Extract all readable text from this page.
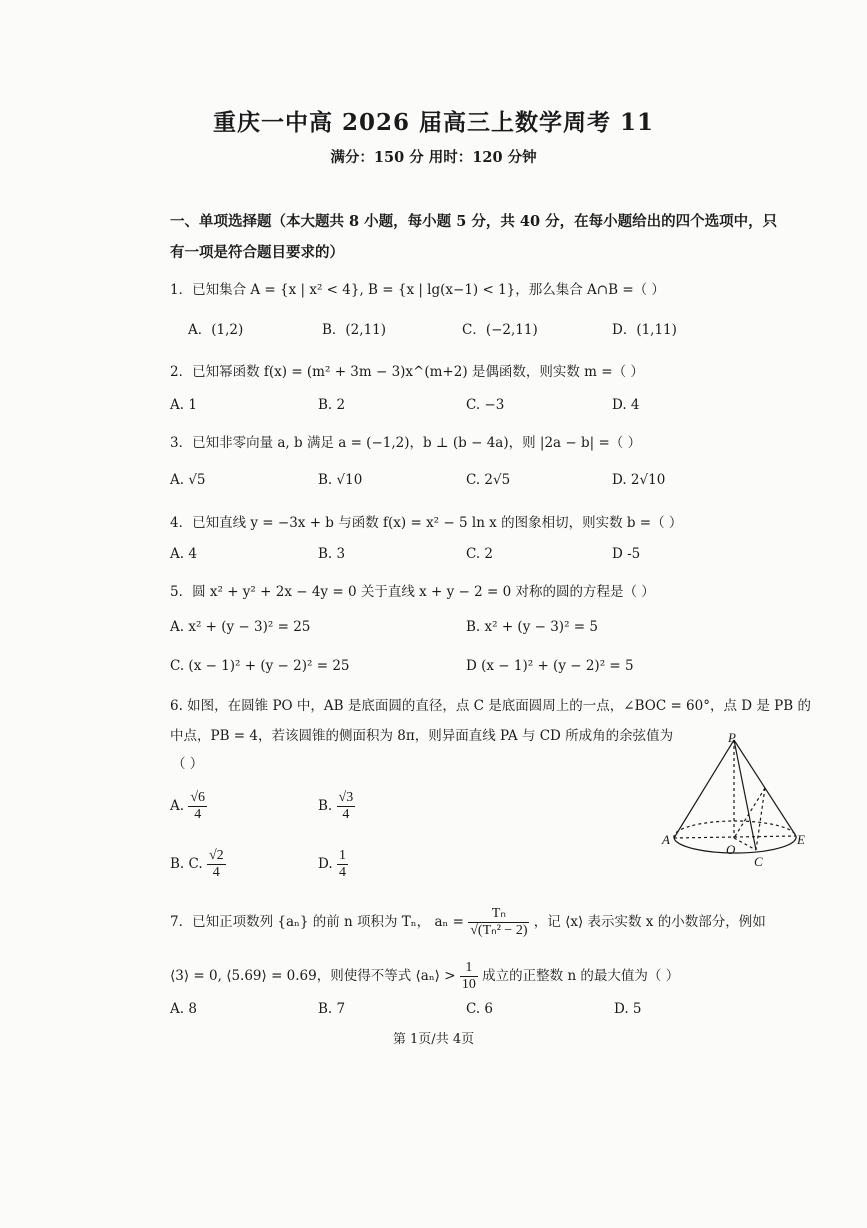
重庆一中高 2026 届高三上数学周考 11
满分：150 分 用时：120 分钟
一、单项选择题（本大题共 8 小题，每小题 5 分，共 40 分，在每小题给出的四个选项中，只
有一项是符合题目要求的）
1．已知集合 A = {x | x² < 4}, B = {x | lg(x−1) < 1}，那么集合 A∩B =（ ）
A．(1,2)	B．(2,11)	C．(−2,11)	D．(1,11)
2．已知幂函数 f(x) = (m² + 3m − 3)x^(m+2) 是偶函数，则实数 m =（ ）
A. 1	B. 2	C. −3	D. 4
3．已知非零向量 a, b 满足 a = (−1,2)，b ⊥ (b − 4a)，则 |2a − b| =（ ）
A. √5	B. √10	C. 2√5	D. 2√10
4．已知直线 y = −3x + b 与函数 f(x) = x² − 5 ln x 的图象相切，则实数 b =（ ）
A. 4	B. 3	C. 2	D -5
5．圆 x² + y² + 2x − 4y = 0 关于直线 x + y − 2 = 0 对称的圆的方程是（ ）
A. x² + (y − 3)² = 25	B. x² + (y − 3)² = 5
C. (x − 1)² + (y − 2)² = 25	D (x − 1)² + (y − 2)² = 5
6. 如图，在圆锥 PO 中，AB 是底面圆的直径，点 C 是底面圆周上的一点，∠BOC = 60°，点 D 是 PB 的
中点，PB = 4，若该圆锥的侧面积为 8π，则异面直线 PA 与 CD 所成角的余弦值为
（ ）
A. $\frac{√6}{4}$	B. $\frac{√3}{4}$
B. C. $\frac{√2}{4}$	D. $\frac{1}{4}$
P
A	E
O
C
7．已知正项数列 {aₙ} 的前 n 项积为 Tₙ， $a_n = \frac{\text{Tₙ}}{\text{√(Tₙ² − 2)}}$ ，记 ⟨x⟩ 表示实数 x 的小数部分，例如
⟨3⟩ = 0, ⟨5.69⟩ = 0.69，则使得不等式 ⟨aₙ⟩ > $\frac{1}{10}$ 成立的正整数 n 的最大值为（ ）
A. 8	B. 7	C. 6	D. 5
第 1页/共 4页
